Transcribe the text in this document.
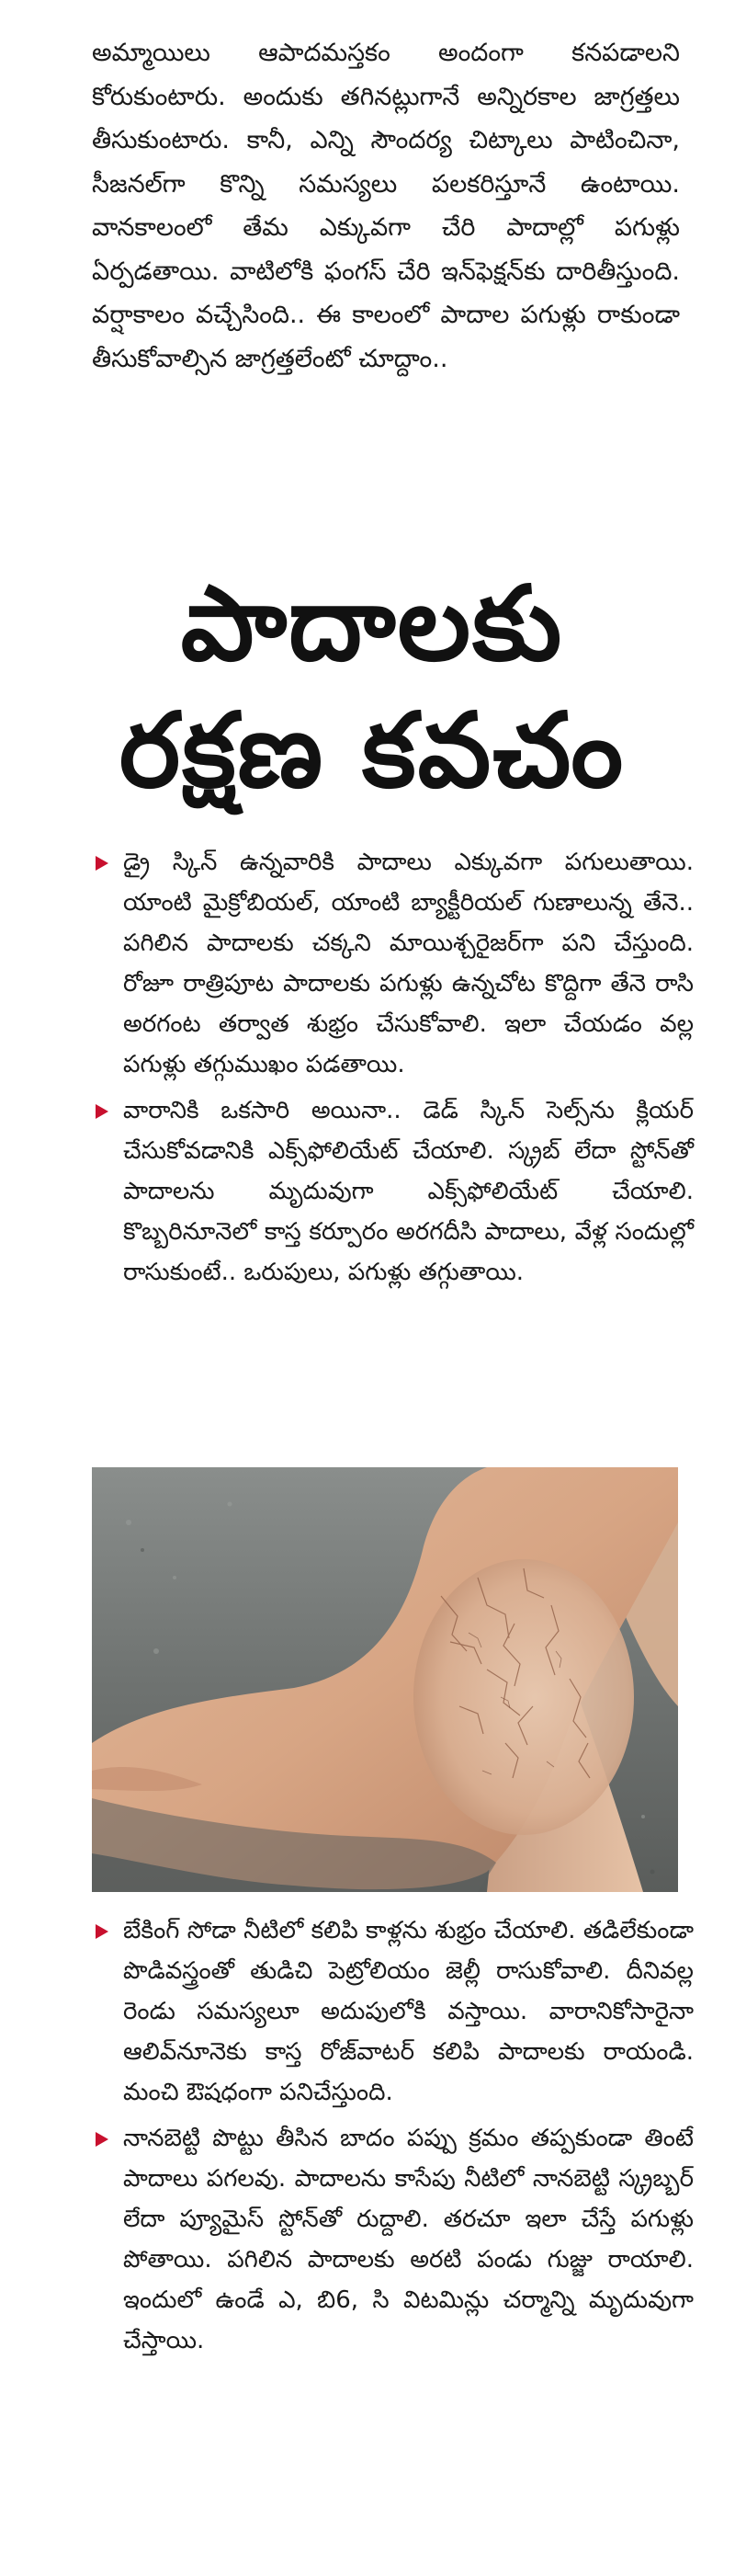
అమ్మాయిలు ఆపాదమస్తకం అందంగా కనపడాలని కోరుకుంటారు. అందుకు తగినట్లుగానే అన్నిరకాల జాగ్రత్తలు తీసుకుంటారు. కానీ, ఎన్ని సౌందర్య చిట్కాలు పాటించినా, సీజనల్‌గా కొన్ని సమస్యలు పలకరిస్తూనే ఉంటాయి. వానకాలంలో తేమ ఎక్కువగా చేరి పాదాల్లో పగుళ్లు ఏర్పడతాయి. వాటిలోకి ఫంగస్ చేరి ఇన్‌ఫెక్షన్‌కు దారితీస్తుంది. వర్షాకాలం వచ్చేసింది.. ఈ కాలంలో పాదాల పగుళ్లు రాకుండా తీసుకోవాల్సిన జాగ్రత్తలేంటో చూద్దాం..

పాదాలకు
రక్షణ కవచం
డ్రై స్కిన్ ఉన్నవారికి పాదాలు ఎక్కువగా పగులుతాయి. యాంటి మైక్రోబియల్, యాంటి బ్యాక్టీరియల్ గుణాలున్న తేనె.. పగిలిన పాదాలకు చక్కని మాయిశ్చరైజర్‌గా పని చేస్తుంది. రోజూ రాత్రిపూట పాదాలకు పగుళ్లు ఉన్నచోట కొద్దిగా తేనె రాసి అరగంట తర్వాత శుభ్రం చేసుకోవాలి. ఇలా చేయడం వల్ల పగుళ్లు తగ్గుముఖం పడతాయి.
వారానికి ఒకసారి అయినా.. డెడ్ స్కిన్ సెల్స్‌ను క్లియర్ చేసుకోవడానికి ఎక్స్‌ఫోలియేట్ చేయాలి. స్క్రబ్ లేదా స్టోన్‌తో పాదాలను మృదువుగా ఎక్స్‌ఫోలియేట్ చేయాలి. కొబ్బరినూనెలో కాస్త కర్పూరం అరగదీసి పాదాలు, వేళ్ల సందుల్లో రాసుకుంటే.. ఒరుపులు, పగుళ్లు తగ్గుతాయి.
బేకింగ్ సోడా నీటిలో కలిపి కాళ్లను శుభ్రం చేయాలి. తడిలేకుండా పొడివస్త్రంతో తుడిచి పెట్రోలియం జెల్లీ రాసుకోవాలి. దీనివల్ల రెండు సమస్యలూ అదుపులోకి వస్తాయి. వారానికోసారైనా ఆలివ్‌నూనెకు కాస్త రోజ్‌వాటర్ కలిపి పాదాలకు రాయండి. మంచి ఔషధంగా పనిచేస్తుంది.
నానబెట్టి పొట్టు తీసిన బాదం పప్పు క్రమం తప్పకుండా తింటే పాదాలు పగలవు. పాదాలను కాసేపు నీటిలో నానబెట్టి స్క్రబ్బర్ లేదా ప్యూమైస్ స్టోన్‌తో రుద్దాలి. తరచూ ఇలా చేస్తే పగుళ్లు పోతాయి. పగిలిన పాదాలకు అరటి పండు గుజ్జు రాయాలి. ఇందులో ఉండే ఎ, బి6, సి విటమిన్లు చర్మాన్ని మృదువుగా చేస్తాయి.
